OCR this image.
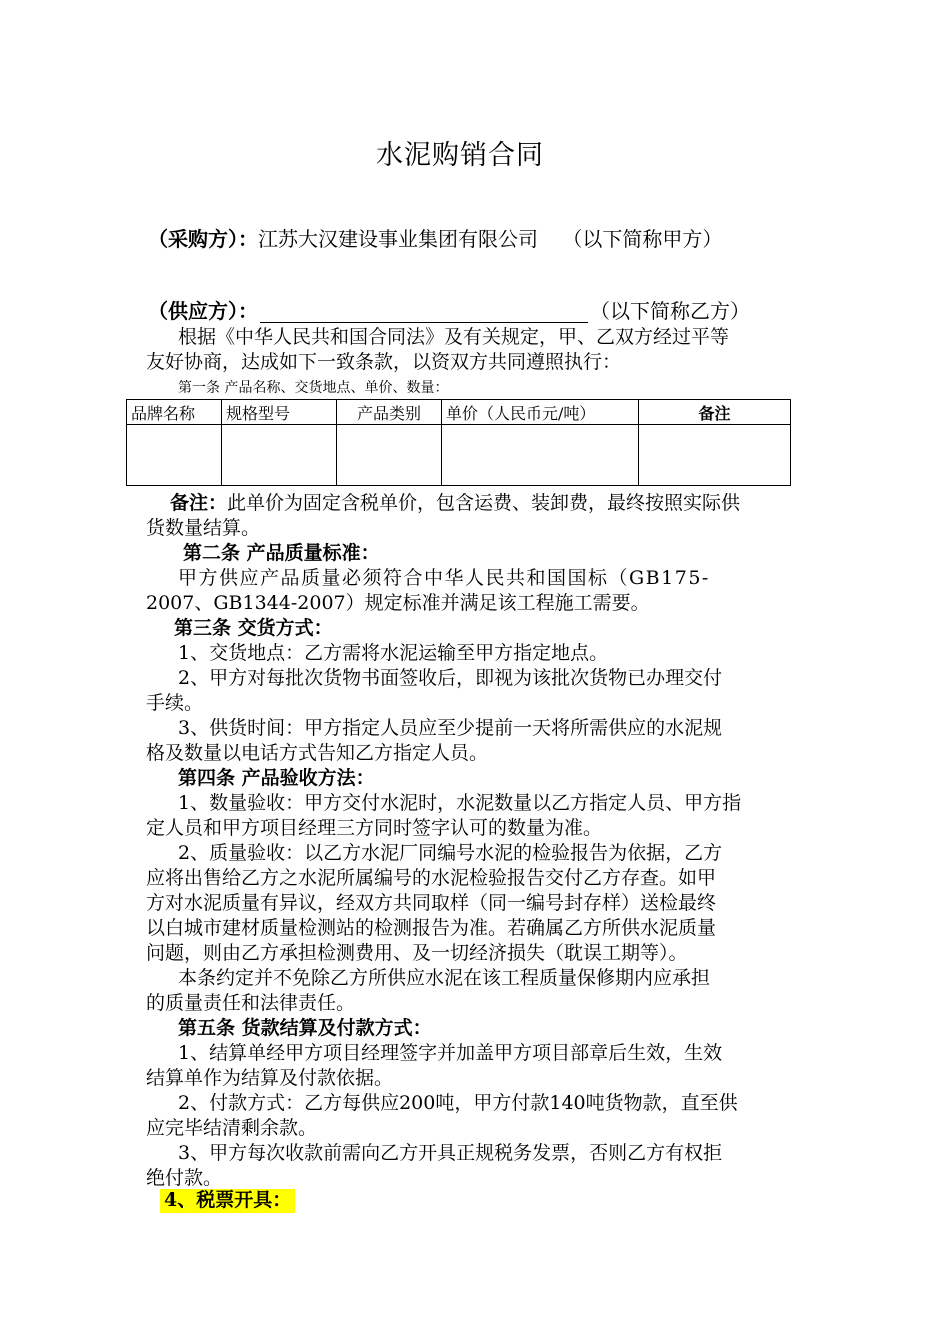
水泥购销合同
（采购方）：江苏大汉建设事业集团有限公司 （以下简称甲方）
（供应方）：	（以下简称乙方）
根据《中华人民共和国合同法》及有关规定，甲、乙双方经过平等
友好协商，达成如下一致条款，以资双方共同遵照执行：
第一条 产品名称、交货地点、单价、数量：
品牌名称	规格型号	产品类别	单价（人民币元/吨）	备注

备注：此单价为固定含税单价，包含运费、装卸费，最终按照实际供
货数量结算。
第二条 产品质量标准：
甲方供应产品质量必须符合中华人民共和国国标（GB175-
2007、GB1344-2007）规定标准并满足该工程施工需要。
第三条 交货方式：
1、交货地点：乙方需将水泥运输至甲方指定地点。
2、甲方对每批次货物书面签收后，即视为该批次货物已办理交付
手续。
3、供货时间：甲方指定人员应至少提前一天将所需供应的水泥规
格及数量以电话方式告知乙方指定人员。
第四条 产品验收方法：
1、数量验收：甲方交付水泥时，水泥数量以乙方指定人员、甲方指
定人员和甲方项目经理三方同时签字认可的数量为准。
2、质量验收：以乙方水泥厂同编号水泥的检验报告为依据，乙方
应将出售给乙方之水泥所属编号的水泥检验报告交付乙方存查。如甲
方对水泥质量有异议，经双方共同取样（同一编号封存样）送检最终
以白城市建材质量检测站的检测报告为准。若确属乙方所供水泥质量
问题，则由乙方承担检测费用、及一切经济损失（耽误工期等）。
本条约定并不免除乙方所供应水泥在该工程质量保修期内应承担
的质量责任和法律责任。
第五条 货款结算及付款方式：
1、结算单经甲方项目经理签字并加盖甲方项目部章后生效，生效
结算单作为结算及付款依据。
2、付款方式：乙方每供应200吨，甲方付款140吨货物款，直至供
应完毕结清剩余款。
3、甲方每次收款前需向乙方开具正规税务发票，否则乙方有权拒
绝付款。
4、税票开具：
